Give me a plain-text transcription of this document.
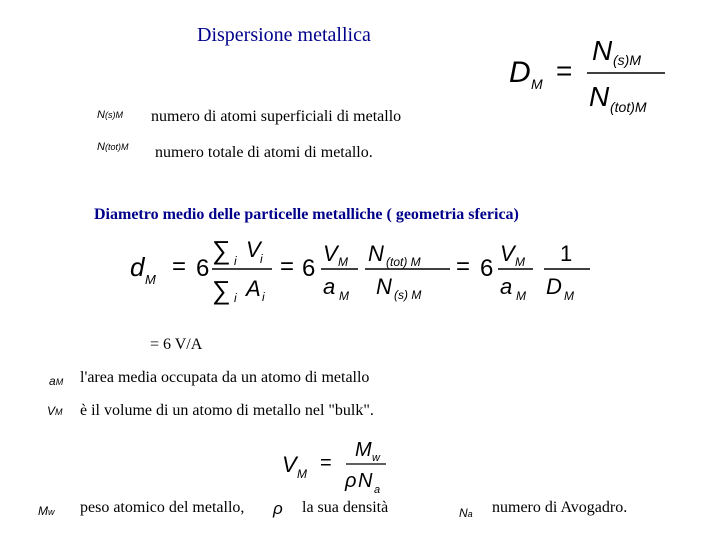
Dispersione metallica
D M =
N (s)M
N (tot)M
N(s)M numero di atomi superficiali di metallo
N(tot)M numero totale di atomi di metallo.
Diametro medio delle particelle metalliche ( geometria sferica)
d M = 6
∑ i V i
∑ i A i
= 6
V M
a M
N (tot) M
N (s) M
= 6
V M
a M
1
D M
= 6 V/A
aM l'area media occupata da un atomo di metallo
VM è il volume di un atomo di metallo nel "bulk".
V M =
M w
ρ N a
Mw peso atomico del metallo, ρ la sua densità	Na numero di Avogadro.
